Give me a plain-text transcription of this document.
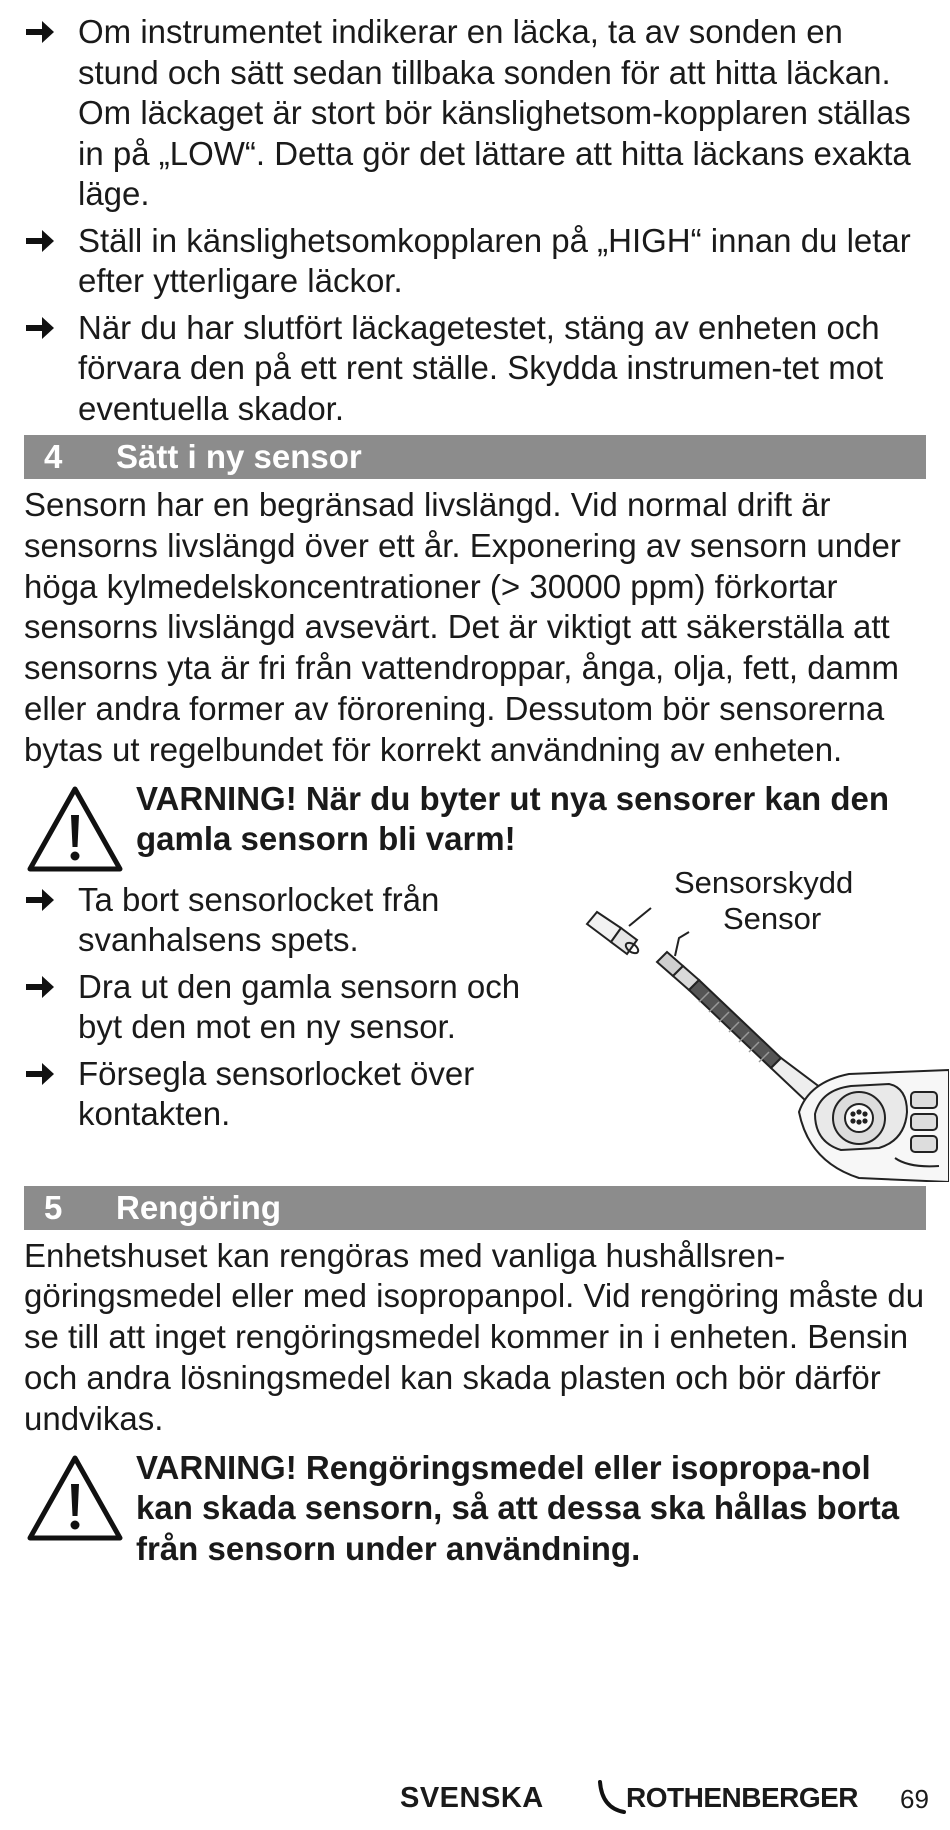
Om instrumentet indikerar en läcka, ta av sonden en stund och sätt sedan tillbaka sonden för att hitta läckan. Om läckaget är stort bör känslighetsom-kopplaren ställas in på „LOW“. Detta gör det lättare att hitta läckans exakta läge.
Ställ in känslighetsomkopplaren på „HIGH“ innan du letar efter ytterligare läckor.
När du har slutfört läckagetestet, stäng av enheten och förvara den på ett rent ställe. Skydda instrumen-tet mot eventuella skador.
4	Sätt i ny sensor

Sensorn har en begränsad livslängd. Vid normal drift är sensorns livslängd över ett år. Exponering av sensorn under höga kylmedelskoncentrationer (> 30000 ppm) förkortar sensorns livslängd avsevärt. Det är viktigt att säkerställa att sensorns yta är fri från vattendroppar, ånga, olja, fett, damm eller andra former av förorening. Dessutom bör sensorerna bytas ut regelbundet för korrekt användning av enheten.

VARNING! När du byter ut nya sensorer kan den gamla sensorn bli varm!
Ta bort sensorlocket från svanhalsens spets.
Dra ut den gamla sensorn och byt den mot en ny sensor.
Försegla sensorlocket över kontakten.
Sensorskydd
Sensor
5	Rengöring

Enhetshuset kan rengöras med vanliga hushållsren-göringsmedel eller med isopropanpol. Vid rengöring måste du se till att inget rengöringsmedel kommer in i enheten. Bensin och andra lösningsmedel kan skada plasten och bör därför undvikas.

VARNING! Rengöringsmedel eller isopropa-nol kan skada sensorn, så att dessa ska hållas borta från sensorn under användning.
SVENSKA	ROTHENBERGER 69
